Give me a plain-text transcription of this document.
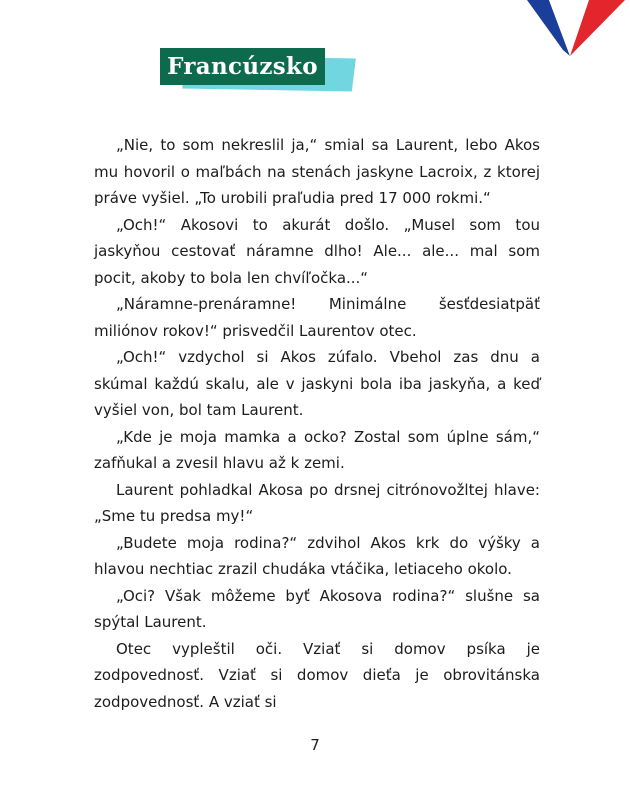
Francúzsko

„Nie, to som nekreslil ja,“ smial sa Laurent, lebo Akos mu hovoril o maľbách na stenách jaskyne Lacroix, z ktorej práve vyšiel. „To urobili praľudia pred 17 000 rokmi.“

„Och!“ Akosovi to akurát došlo. „Musel som tou jaskyňou cestovať náramne dlho! Ale... ale... mal som pocit, akoby to bola len chvíľočka...“

„Náramne-prenáramne! Minimálne šesťdesiatpäť miliónov rokov!“ prisvedčil Laurentov otec.

„Och!“ vzdychol si Akos zúfalo. Vbehol zas dnu a skúmal každú skalu, ale v jaskyni bola iba jaskyňa, a keď vyšiel von, bol tam Laurent.

„Kde je moja mamka a ocko? Zostal som úplne sám,“ zafňukal a zvesil hlavu až k zemi.

Laurent pohladkal Akosa po drsnej citrónovožltej hlave: „Sme tu predsa my!“

„Budete moja rodina?“ zdvihol Akos krk do výšky a hlavou nechtiac zrazil chudáka vtáčika, letiaceho okolo.

„Oci? Však môžeme byť Akosova rodina?“ slušne sa spýtal Laurent.

Otec vypleštil oči. Vziať si domov psíka je zodpovednosť. Vziať si domov dieťa je obrovitánska zodpovednosť. A vziať si

7
